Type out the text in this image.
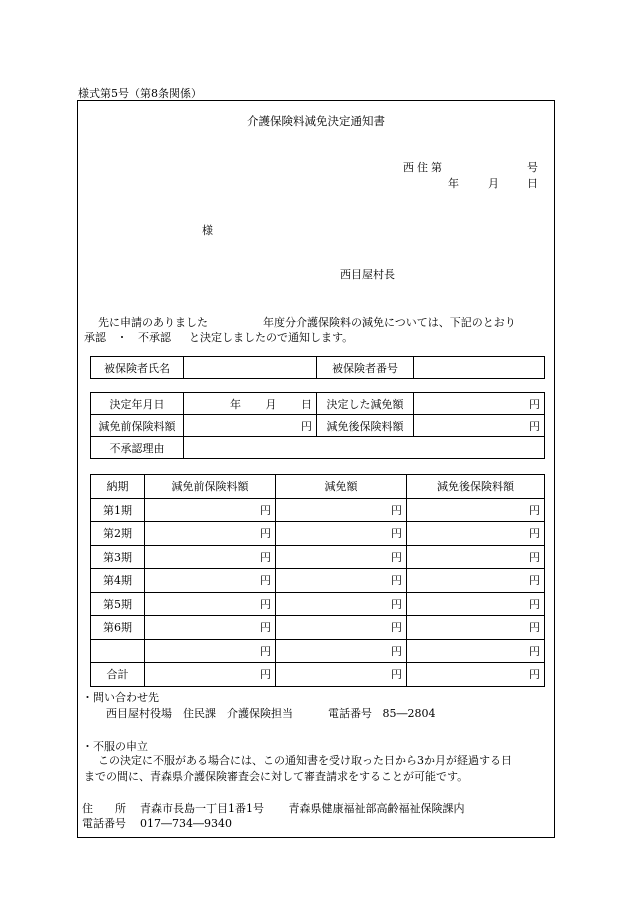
様式第5号（第8条関係）
介護保険料減免決定通知書
西 住 第	号
年	月	日
様
西目屋村長
先に申請のありました	年度分介護保険料の減免については、下記のとおり
承認 ・ 不承認 と決定しましたので通知します。
被保険者氏名		被保険者番号	
決定年月日	年 月 日	決定した減免額	円
減免前保険料額	円	減免後保険料額	円
不承認理由			
納期	減免前保険料額	減免額	減免後保険料額
第1期	円	円	円
第2期	円	円	円
第3期	円	円	円
第4期	円	円	円
第5期	円	円	円
第6期	円	円	円
	円	円	円
合計	円	円	円
・問い合わせ先
西目屋村役場　住民課　介護保険担当	電話番号 85―2804
・不服の申立
この決定に不服がある場合には、この通知書を受け取った日から3か月が経過する日
までの間に、青森県介護保険審査会に対して審査請求をすることが可能です。
住　　所 青森市長島一丁目1番1号 青森県健康福祉部高齢福祉保険課内
電話番号 017―734―9340
